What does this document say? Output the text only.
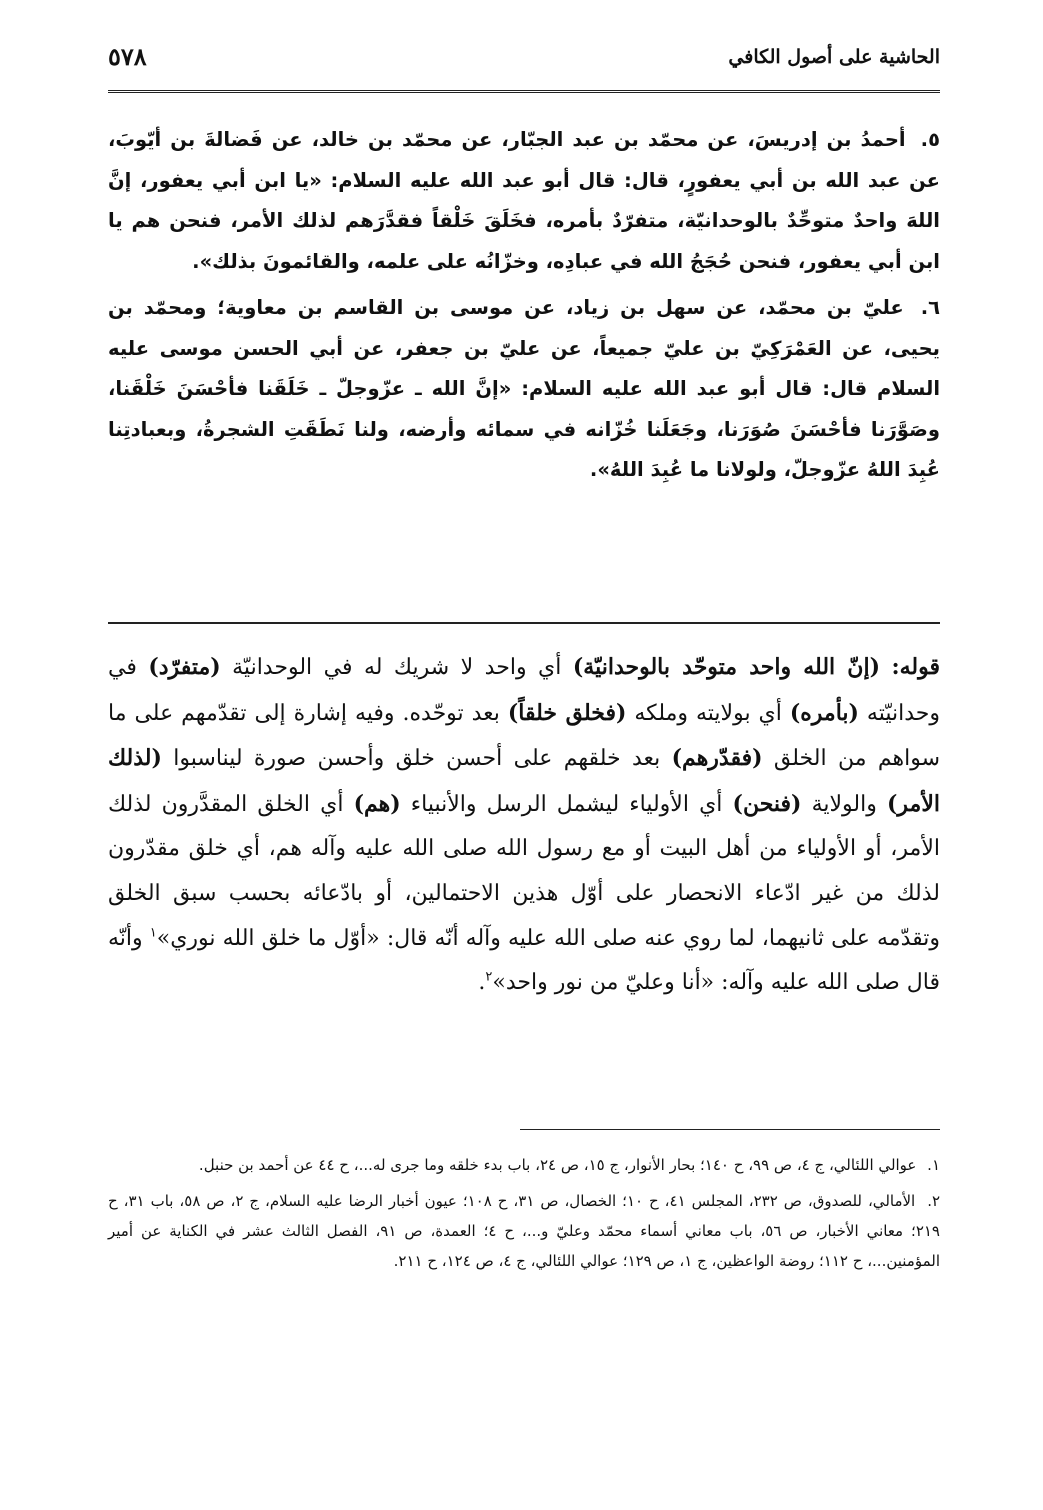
الحاشية على أصول الكافي
٥٧٨

٥. أحمدُ بن إدريسَ، عن محمّد بن عبد الجبّار، عن محمّد بن خالد، عن فَضالةَ بن أيّوبَ، عن عبد الله بن أبي يعفورٍ، قال: قال أبو عبد الله عليه السلام: «يا ابن أبي يعفور، إنَّ اللهَ واحدٌ متوحِّدٌ بالوحدانيّة، متفرّدٌ بأمره، فخَلَقَ خَلْقاً فقدَّرَهم لذلك الأمر، فنحن هم يا ابن أبي يعفور، فنحن حُجَجُ الله في عبادِه، وخزّانُه على علمه، والقائمونَ بذلك».

٦. عليّ بن محمّد، عن سهل بن زياد، عن موسى بن القاسم بن معاوية؛ ومحمّد بن يحيى، عن العَمْرَكِيّ بن عليّ جميعاً، عن عليّ بن جعفر، عن أبي الحسن موسى عليه السلام قال: قال أبو عبد الله عليه السلام: «إنَّ الله ـ عزّوجلّ ـ خَلَقَنا فأحْسَنَ خَلْقَنا، وصَوَّرَنا فأحْسَنَ صُوَرَنا، وجَعَلَنا خُزّانه في سمائه وأرضه، ولنا نَطَقَتِ الشجرةُ، وبعبادتِنا عُبِدَ اللهُ عزّوجلّ، ولولانا ما عُبِدَ اللهُ».

قوله: (إنّ الله واحد متوحّد بالوحدانيّة) أي واحد لا شريك له في الوحدانيّة (متفرّد) في وحدانيّته (بأمره) أي بولايته وملكه (فخلق خلقاً) بعد توحّده. وفيه إشارة إلى تقدّمهم على ما سواهم من الخلق (فقدّرهم) بعد خلقهم على أحسن خلق وأحسن صورة ليناسبوا (لذلك الأمر) والولاية (فنحن) أي الأولياء ليشمل الرسل والأنبياء (هم) أي الخلق المقدَّرون لذلك الأمر، أو الأولياء من أهل البيت أو مع رسول الله صلى الله عليه وآله هم، أي خلق مقدّرون لذلك من غير ادّعاء الانحصار على أوّل هذين الاحتمالين، أو بادّعائه بحسب سبق الخلق وتقدّمه على ثانيهما، لما روي عنه صلى الله عليه وآله أنّه قال: «أوّل ما خلق الله نوري»$^١$ وأنّه قال صلى الله عليه وآله: «أنا وعليّ من نور واحد»$^٢$.

١. عوالي اللئالي، ج ٤، ص ٩٩، ح ١٤٠؛ بحار الأنوار، ج ١٥، ص ٢٤، باب بدء خلقه وما جرى له...، ح ٤٤ عن أحمد بن حنبل.
٢. الأمالي، للصدوق، ص ٢٣٢، المجلس ٤١، ح ١٠؛ الخصال، ص ٣١، ح ١٠٨؛ عيون أخبار الرضا عليه السلام، ج ٢، ص ٥٨، باب ٣١، ح ٢١٩؛ معاني الأخبار، ص ٥٦، باب معاني أسماء محمّد وعليّ و...، ح ٤؛ العمدة، ص ٩١، الفصل الثالث عشر في الكناية عن أمير المؤمنين...، ح ١١٢؛ روضة الواعظين، ج ١، ص ١٢٩؛ عوالي اللئالي، ج ٤، ص ١٢٤، ح ٢١١.
